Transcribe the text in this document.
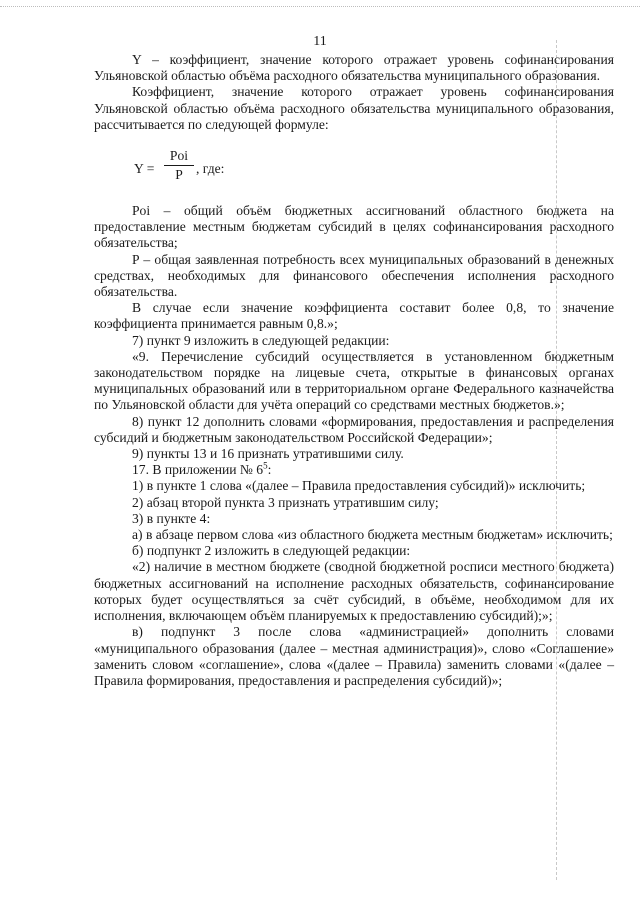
11

Y – коэффициент, значение которого отражает уровень софинансирования Ульяновской областью объёма расходного обязательства муниципального образования.

Коэффициент, значение которого отражает уровень софинансирования Ульяновской областью объёма расходного обязательства муниципального образования, рассчитывается по следующей формуле:

Y =
Poi
P , где:

Poi – общий объём бюджетных ассигнований областного бюджета на предоставление местным бюджетам субсидий в целях софинансирования расходного обязательства;

P – общая заявленная потребность всех муниципальных образований в денежных средствах, необходимых для финансового обеспечения исполнения расходного обязательства.

В случае если значение коэффициента составит более 0,8, то значение коэффициента принимается равным 0,8.»;

7) пункт 9 изложить в следующей редакции:

«9. Перечисление субсидий осуществляется в установленном бюджетным законодательством порядке на лицевые счета, открытые в финансовых органах муниципальных образований или в территориальном органе Федерального казначейства по Ульяновской области для учёта операций со средствами местных бюджетов.»;

8) пункт 12 дополнить словами «формирования, предоставления и распределения субсидий и бюджетным законодательством Российской Федерации»;

9) пункты 13 и 16 признать утратившими силу.

17. В приложении № $6^5$:

1) в пункте 1 слова «(далее – Правила предоставления субсидий)» исключить;

2) абзац второй пункта 3 признать утратившим силу;

3) в пункте 4:

а) в абзаце первом слова «из областного бюджета местным бюджетам» исключить;

б) подпункт 2 изложить в следующей редакции:

«2) наличие в местном бюджете (сводной бюджетной росписи местного бюджета) бюджетных ассигнований на исполнение расходных обязательств, софинансирование которых будет осуществляться за счёт субсидий, в объёме, необходимом для их исполнения, включающем объём планируемых к предоставлению субсидий);»;

в) подпункт 3 после слова «администрацией» дополнить словами «муниципального образования (далее – местная администрация)», слово «Соглашение» заменить словом «соглашение», слова «(далее – Правила) заменить словами «(далее – Правила формирования, предоставления и распределения субсидий)»;
